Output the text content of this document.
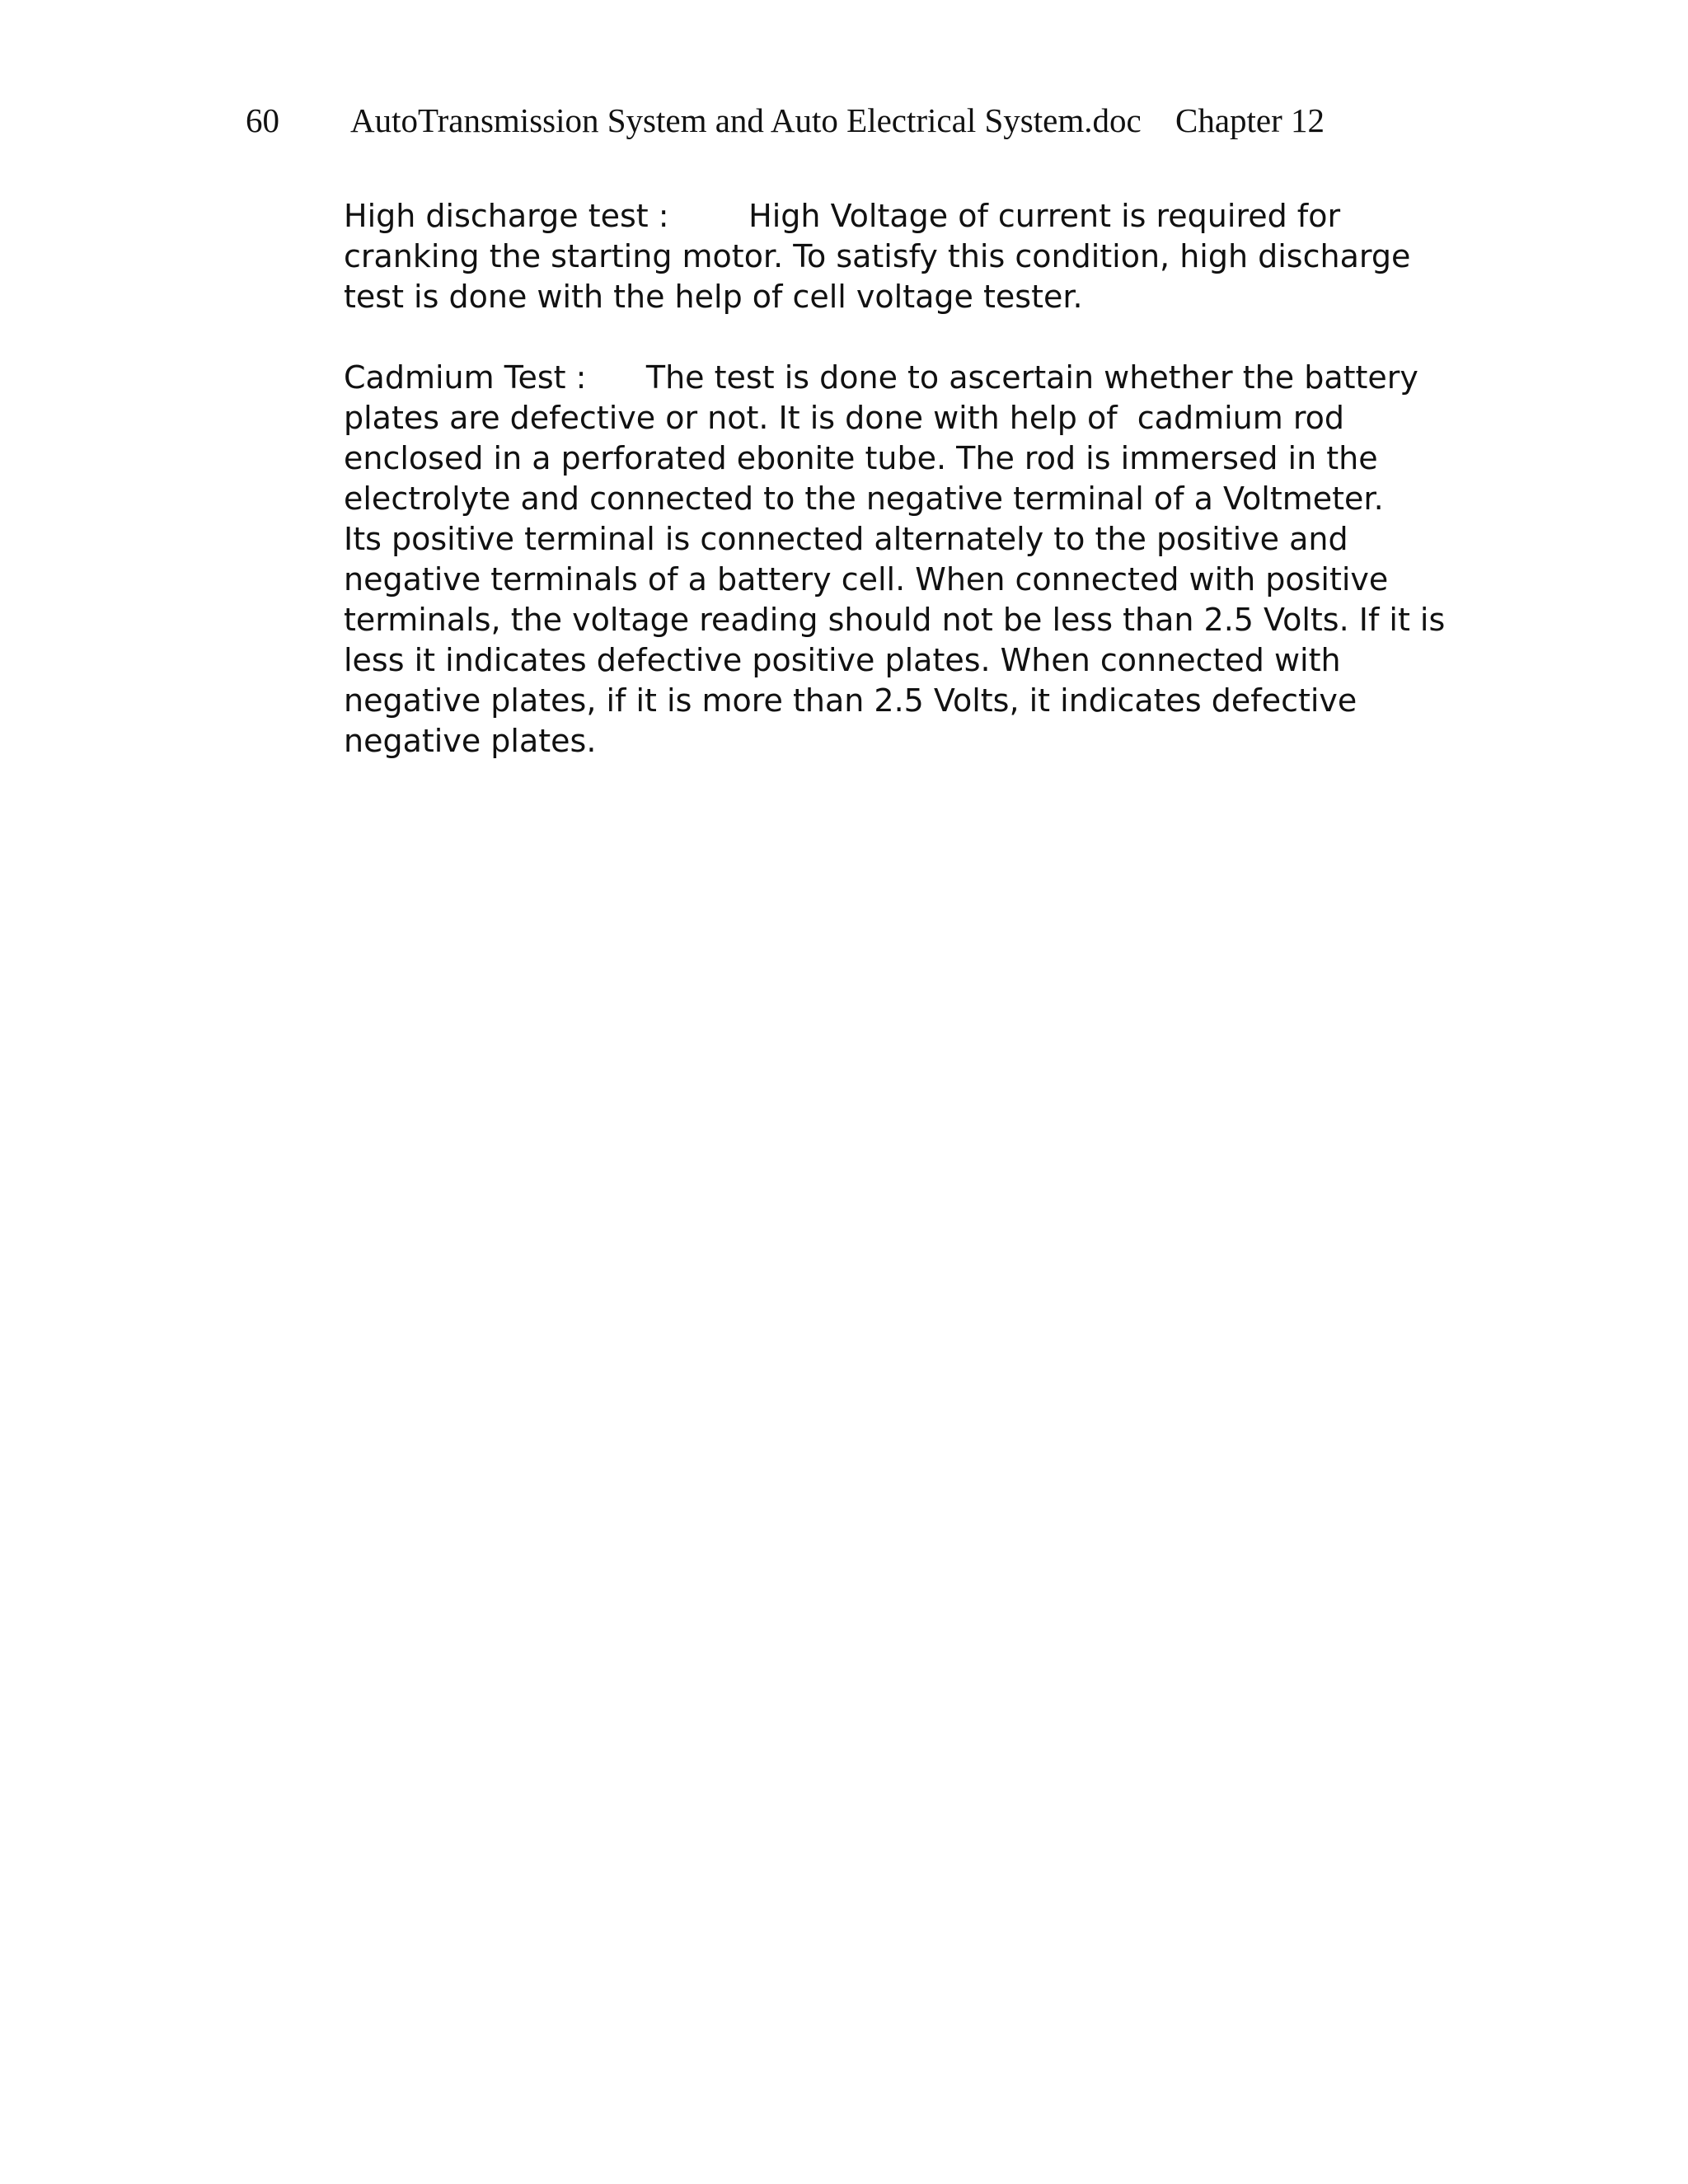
60 AutoTransmission System and Auto Electrical System.doc Chapter 12

High discharge test :        High Voltage of current is required for
cranking the starting motor. To satisfy this condition, high discharge
test is done with the help of cell voltage tester.

Cadmium Test :      The test is done to ascertain whether the battery
plates are defective or not. It is done with help of  cadmium rod
enclosed in a perforated ebonite tube. The rod is immersed in the
electrolyte and connected to the negative terminal of a Voltmeter.
Its positive terminal is connected alternately to the positive and
negative terminals of a battery cell. When connected with positive
terminals, the voltage reading should not be less than 2.5 Volts. If it is
less it indicates defective positive plates. When connected with
negative plates, if it is more than 2.5 Volts, it indicates defective
negative plates.
